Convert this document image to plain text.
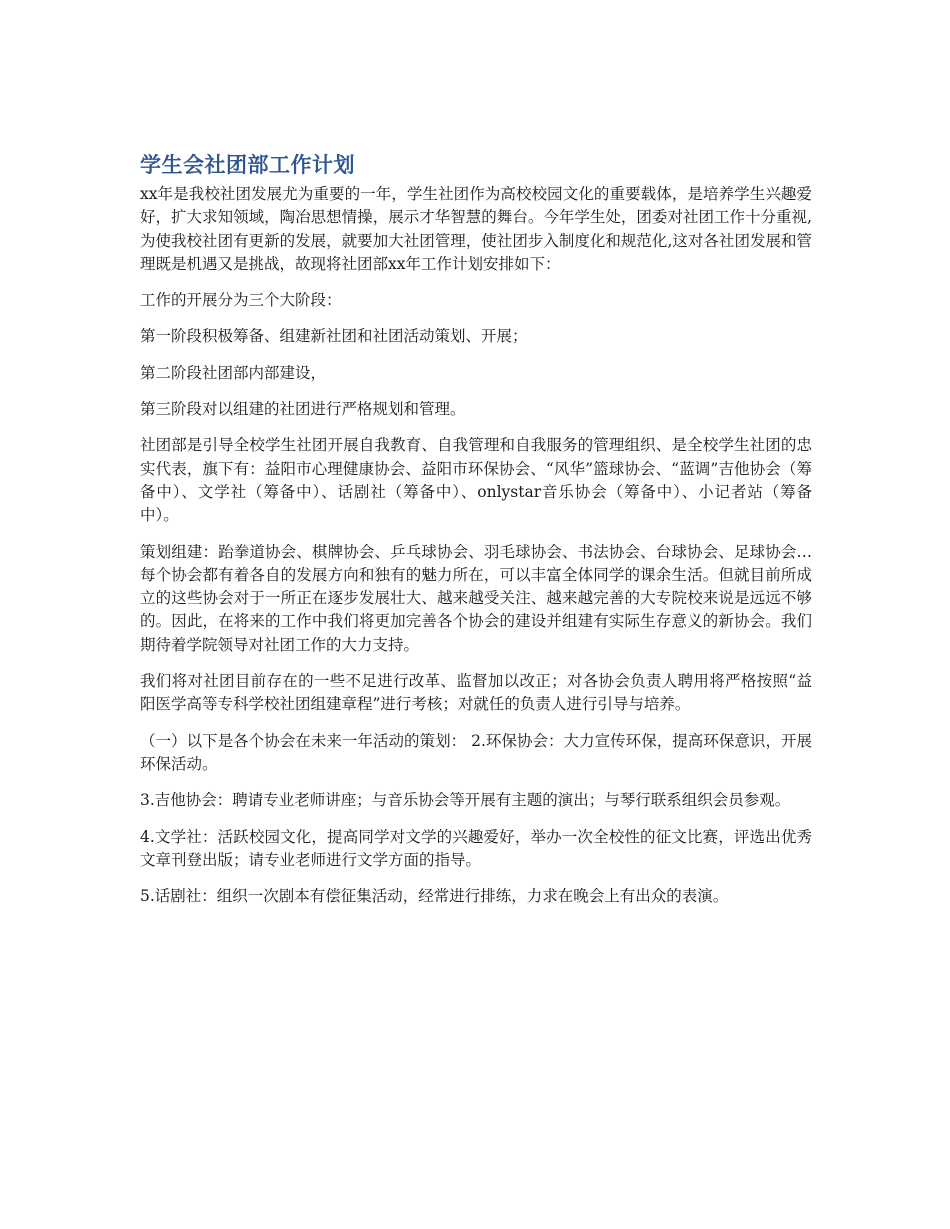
学生会社团部工作计划

xx年是我校社团发展尤为重要的一年，学生社团作为高校校园文化的重要载体，是培养学生兴趣爱好，扩大求知领域，陶冶思想情操，展示才华智慧的舞台。今年学生处，团委对社团工作十分重视,为使我校社团有更新的发展，就要加大社团管理，使社团步入制度化和规范化,这对各社团发展和管理既是机遇又是挑战，故现将社团部xx年工作计划安排如下：

工作的开展分为三个大阶段：

第一阶段积极筹备、组建新社团和社团活动策划、开展；

第二阶段社团部内部建设，

第三阶段对以组建的社团进行严格规划和管理。

社团部是引导全校学生社团开展自我教育、自我管理和自我服务的管理组织、是全校学生社团的忠实代表，旗下有：益阳市心理健康协会、益阳市环保协会、“风华”篮球协会、“蓝调”吉他协会（筹备中）、文学社（筹备中）、话剧社（筹备中）、onlystar音乐协会（筹备中）、小记者站（筹备中）。

策划组建：跆拳道协会、棋牌协会、乒乓球协会、羽毛球协会、书法协会、台球协会、足球协会… 每个协会都有着各自的发展方向和独有的魅力所在，可以丰富全体同学的课余生活。但就目前所成立的这些协会对于一所正在逐步发展壮大、越来越受关注、越来越完善的大专院校来说是远远不够的。因此，在将来的工作中我们将更加完善各个协会的建设并组建有实际生存意义的新协会。我们期待着学院领导对社团工作的大力支持。

我们将对社团目前存在的一些不足进行改革、监督加以改正；对各协会负责人聘用将严格按照“益阳医学高等专科学校社团组建章程”进行考核；对就任的负责人进行引导与培养。

（一）以下是各个协会在未来一年活动的策划： 2.环保协会：大力宣传环保，提高环保意识，开展环保活动。

3.吉他协会：聘请专业老师讲座；与音乐协会等开展有主题的演出；与琴行联系组织会员参观。

4.文学社：活跃校园文化，提高同学对文学的兴趣爱好，举办一次全校性的征文比赛，评选出优秀文章刊登出版；请专业老师进行文学方面的指导。

5.话剧社：组织一次剧本有偿征集活动，经常进行排练，力求在晚会上有出众的表演。
